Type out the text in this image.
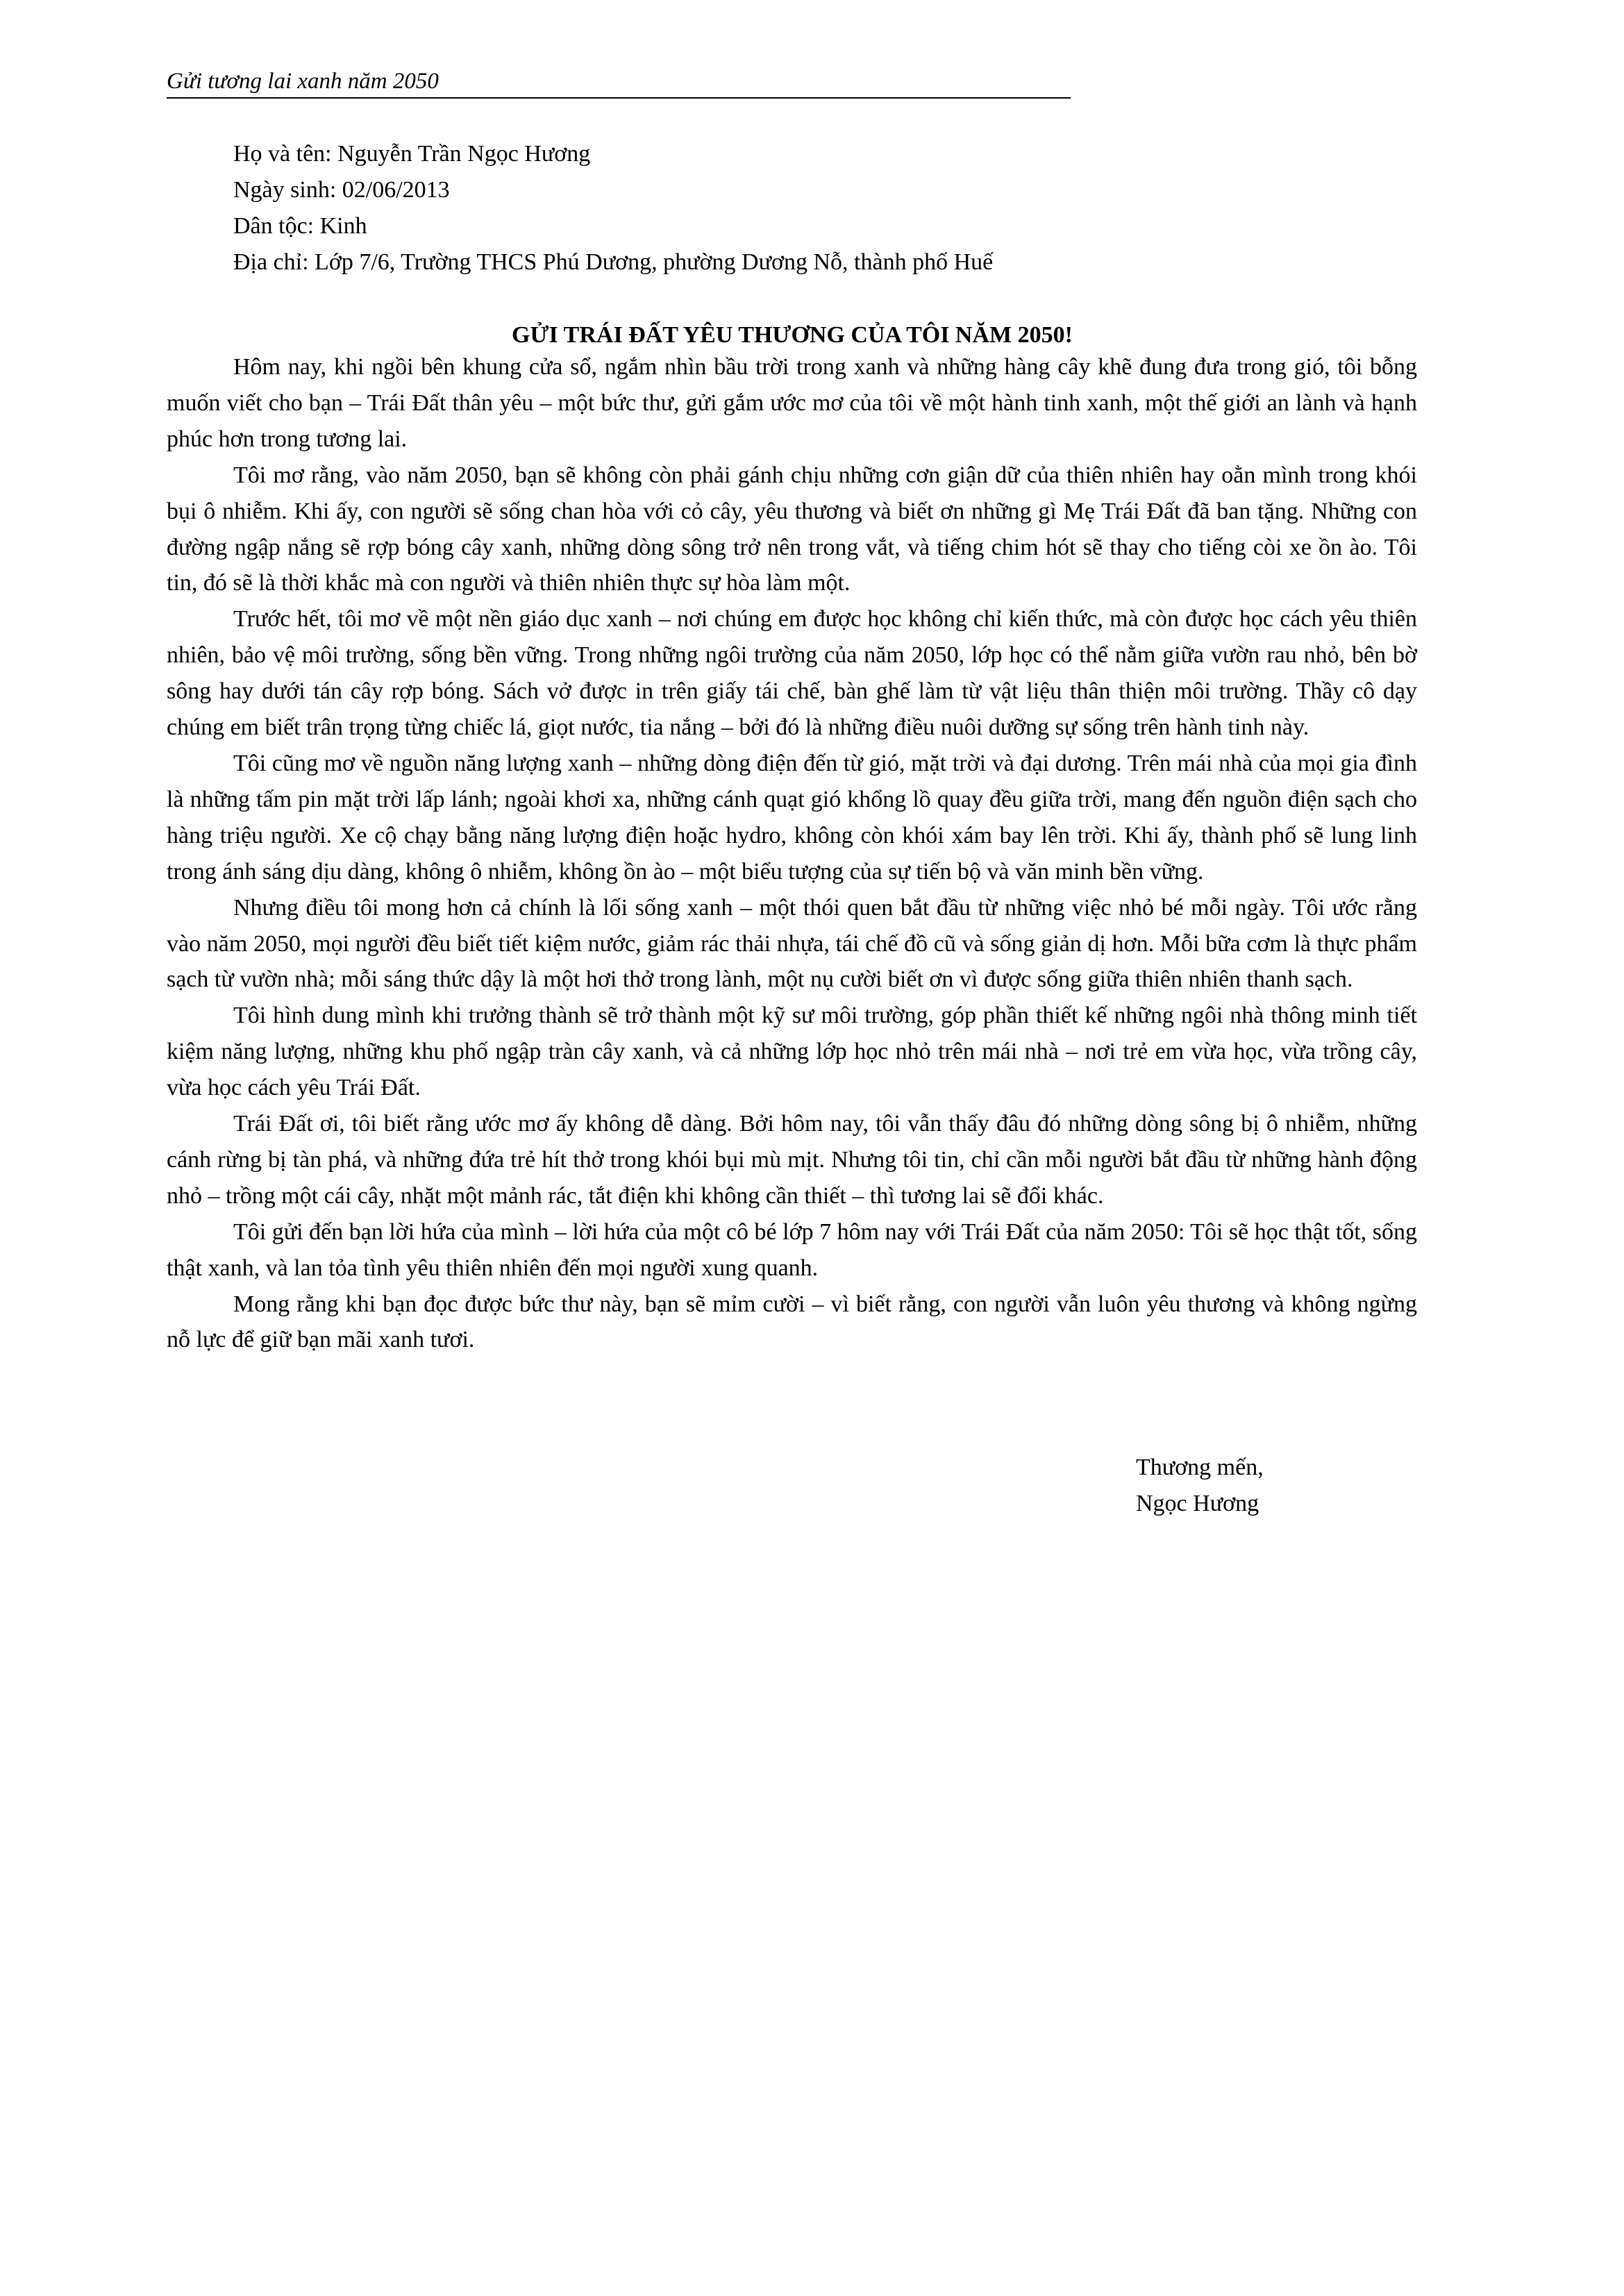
Gửi tương lai xanh năm 2050
Họ và tên: Nguyễn Trần Ngọc Hương
Ngày sinh: 02/06/2013
Dân tộc: Kinh
Địa chỉ: Lớp 7/6, Trường THCS Phú Dương, phường Dương Nỗ, thành phố Huế
GỬI TRÁI ĐẤT YÊU THƯƠNG CỦA TÔI NĂM 2050!

Hôm nay, khi ngồi bên khung cửa sổ, ngắm nhìn bầu trời trong xanh và những hàng cây khẽ đung đưa trong gió, tôi bỗng muốn viết cho bạn – Trái Đất thân yêu – một bức thư, gửi gắm ước mơ của tôi về một hành tinh xanh, một thế giới an lành và hạnh phúc hơn trong tương lai.

Tôi mơ rằng, vào năm 2050, bạn sẽ không còn phải gánh chịu những cơn giận dữ của thiên nhiên hay oằn mình trong khói bụi ô nhiễm. Khi ấy, con người sẽ sống chan hòa với cỏ cây, yêu thương và biết ơn những gì Mẹ Trái Đất đã ban tặng. Những con đường ngập nắng sẽ rợp bóng cây xanh, những dòng sông trở nên trong vắt, và tiếng chim hót sẽ thay cho tiếng còi xe ồn ào. Tôi tin, đó sẽ là thời khắc mà con người và thiên nhiên thực sự hòa làm một.

Trước hết, tôi mơ về một nền giáo dục xanh – nơi chúng em được học không chỉ kiến thức, mà còn được học cách yêu thiên nhiên, bảo vệ môi trường, sống bền vững. Trong những ngôi trường của năm 2050, lớp học có thể nằm giữa vườn rau nhỏ, bên bờ sông hay dưới tán cây rợp bóng. Sách vở được in trên giấy tái chế, bàn ghế làm từ vật liệu thân thiện môi trường. Thầy cô dạy chúng em biết trân trọng từng chiếc lá, giọt nước, tia nắng – bởi đó là những điều nuôi dưỡng sự sống trên hành tinh này.

Tôi cũng mơ về nguồn năng lượng xanh – những dòng điện đến từ gió, mặt trời và đại dương. Trên mái nhà của mọi gia đình là những tấm pin mặt trời lấp lánh; ngoài khơi xa, những cánh quạt gió khổng lồ quay đều giữa trời, mang đến nguồn điện sạch cho hàng triệu người. Xe cộ chạy bằng năng lượng điện hoặc hydro, không còn khói xám bay lên trời. Khi ấy, thành phố sẽ lung linh trong ánh sáng dịu dàng, không ô nhiễm, không ồn ào – một biểu tượng của sự tiến bộ và văn minh bền vững.

Nhưng điều tôi mong hơn cả chính là lối sống xanh – một thói quen bắt đầu từ những việc nhỏ bé mỗi ngày. Tôi ước rằng vào năm 2050, mọi người đều biết tiết kiệm nước, giảm rác thải nhựa, tái chế đồ cũ và sống giản dị hơn. Mỗi bữa cơm là thực phẩm sạch từ vườn nhà; mỗi sáng thức dậy là một hơi thở trong lành, một nụ cười biết ơn vì được sống giữa thiên nhiên thanh sạch.

Tôi hình dung mình khi trưởng thành sẽ trở thành một kỹ sư môi trường, góp phần thiết kế những ngôi nhà thông minh tiết kiệm năng lượng, những khu phố ngập tràn cây xanh, và cả những lớp học nhỏ trên mái nhà – nơi trẻ em vừa học, vừa trồng cây, vừa học cách yêu Trái Đất.

Trái Đất ơi, tôi biết rằng ước mơ ấy không dễ dàng. Bởi hôm nay, tôi vẫn thấy đâu đó những dòng sông bị ô nhiễm, những cánh rừng bị tàn phá, và những đứa trẻ hít thở trong khói bụi mù mịt. Nhưng tôi tin, chỉ cần mỗi người bắt đầu từ những hành động nhỏ – trồng một cái cây, nhặt một mảnh rác, tắt điện khi không cần thiết – thì tương lai sẽ đổi khác.

Tôi gửi đến bạn lời hứa của mình – lời hứa của một cô bé lớp 7 hôm nay với Trái Đất của năm 2050: Tôi sẽ học thật tốt, sống thật xanh, và lan tỏa tình yêu thiên nhiên đến mọi người xung quanh.

Mong rằng khi bạn đọc được bức thư này, bạn sẽ mỉm cười – vì biết rằng, con người vẫn luôn yêu thương và không ngừng nỗ lực để giữ bạn mãi xanh tươi.

Thương mến,
Ngọc Hương
